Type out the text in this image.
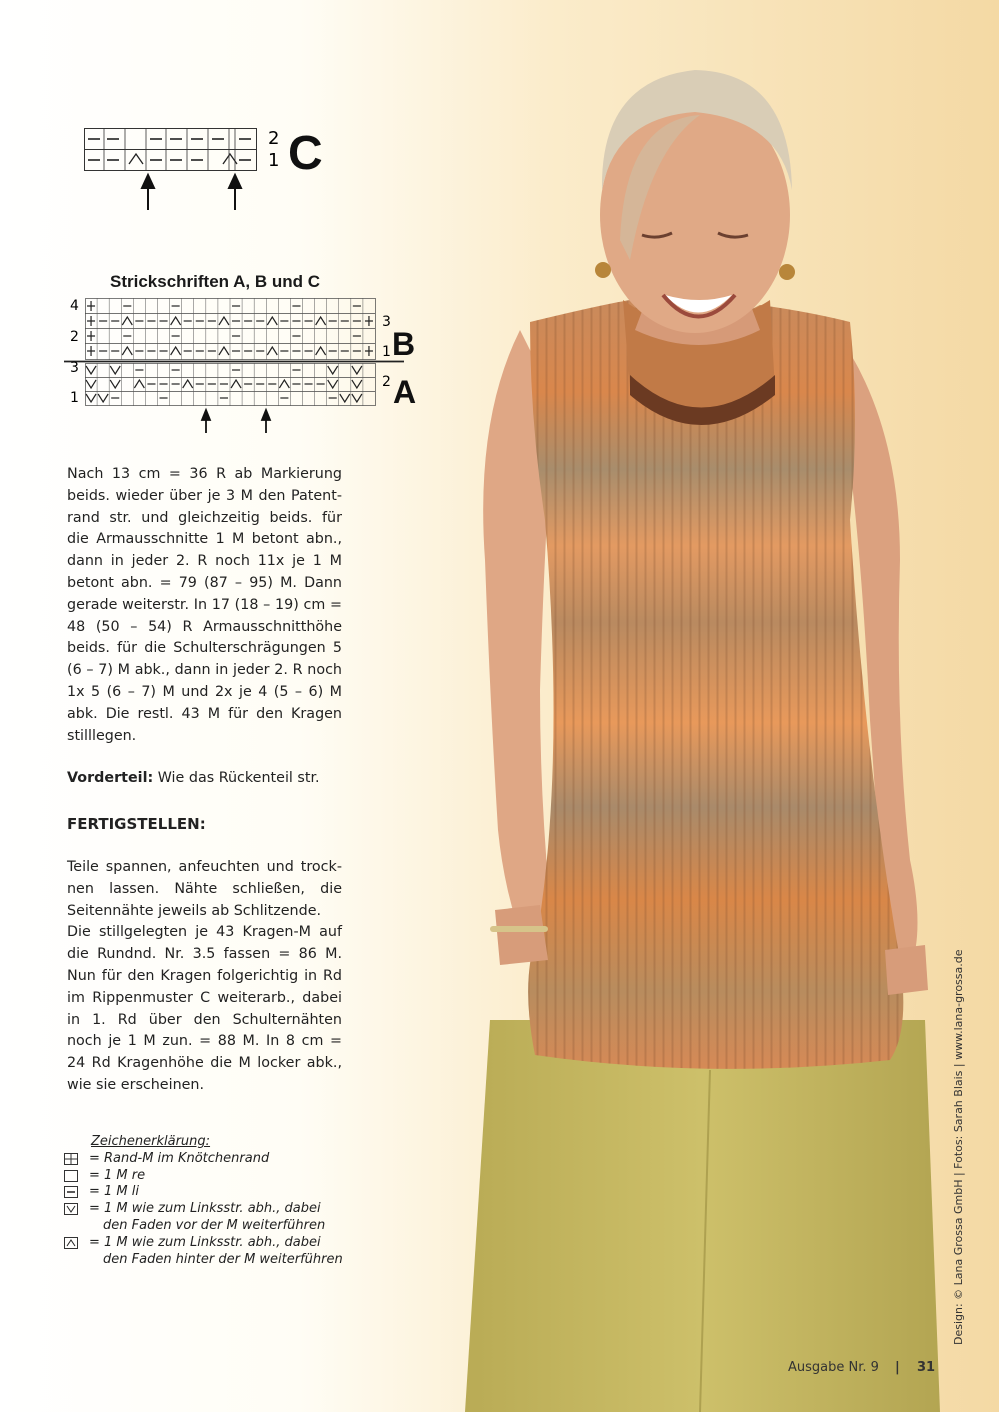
2
1 C
Strickschriften A, B und C
4
2
3
1
3
1
2
B
A

Nach 13 cm = 36 R ab Markierung beids. wieder über je 3 M den Patentrand str. und gleichzeitig beids. für die Armausschnitte 1 M betont abn., dann in jeder 2. R noch 11x je 1 M betont abn. = 79 (87 – 95) M. Dann gerade weiterstr. In 17 (18 – 19) cm = 48 (50 – 54) R Armausschnitthöhe beids. für die Schulterschrägungen 5 (6 – 7) M abk., dann in jeder 2. R noch 1x 5 (6 – 7) M und 2x je 4 (5 – 6) M abk. Die restl. 43 M für den Kragen stilllegen.

Vorderteil: Wie das Rückenteil str.

FERTIGSTELLEN:

Teile spannen, anfeuchten und trocknen lassen. Nähte schließen, die Seitennähte jeweils ab Schlitzende.

Die stillgelegten je 43 Kragen-M auf die Rundnd. Nr. 3.5 fassen = 86 M. Nun für den Kragen folgerichtig in Rd im Rippenmuster C weiterarb., dabei in 1. Rd über den Schulternähten noch je 1 M zun. = 88 M. In 8 cm = 24 Rd Kragenhöhe die M locker abk., wie sie erscheinen.

Zeichenerklärung:
= Rand-M im Knötchenrand
= 1 M re
= 1 M li
= 1 M wie zum Linksstr. abh., dabei
den Faden vor der M weiterführen
= 1 M wie zum Linksstr. abh., dabei
den Faden hinter der M weiterführen	Design: © Lana Grossa GmbH | Fotos: Sarah Blais | www.lana-grossa.de
Ausgabe Nr. 9 | 31
